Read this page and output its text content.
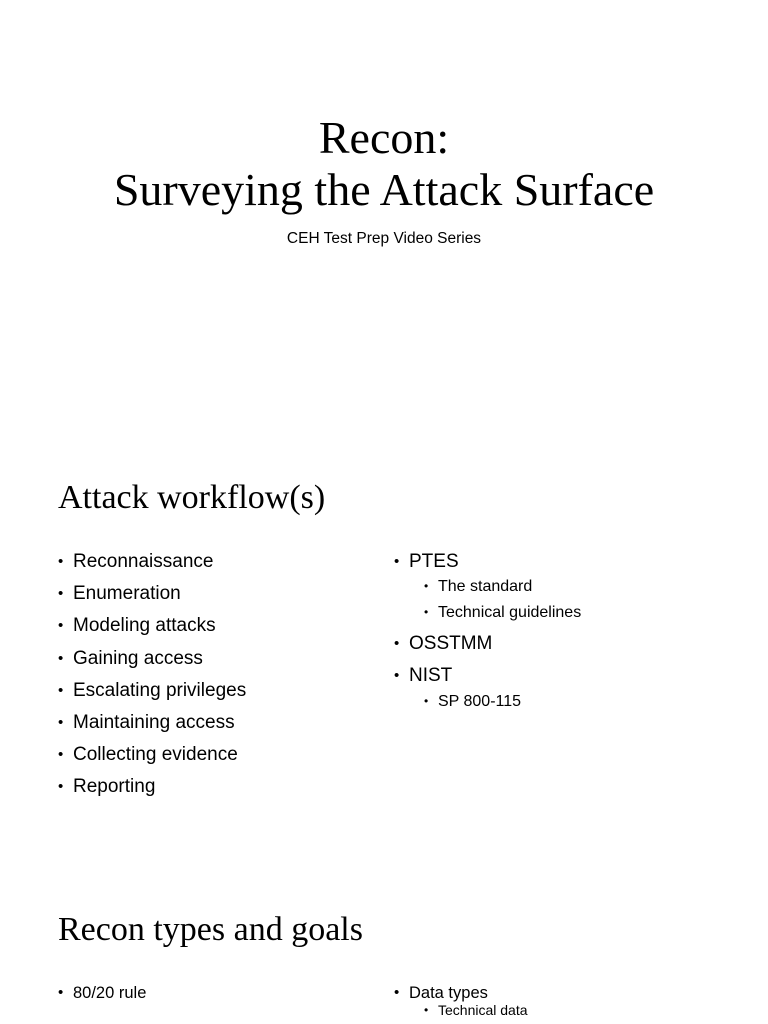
Recon:
Surveying the Attack Surface
CEH Test Prep Video Series
Attack workflow(s)
• Reconnaissance
• Enumeration
• Modeling attacks
• Gaining access
• Escalating privileges
• Maintaining access
• Collecting evidence
• Reporting
• PTES
• The standard
• Technical guidelines
• OSSTMM
• NIST
• SP 800-115
Recon types and goals
• 80/20 rule	• Data types
• Technical data
